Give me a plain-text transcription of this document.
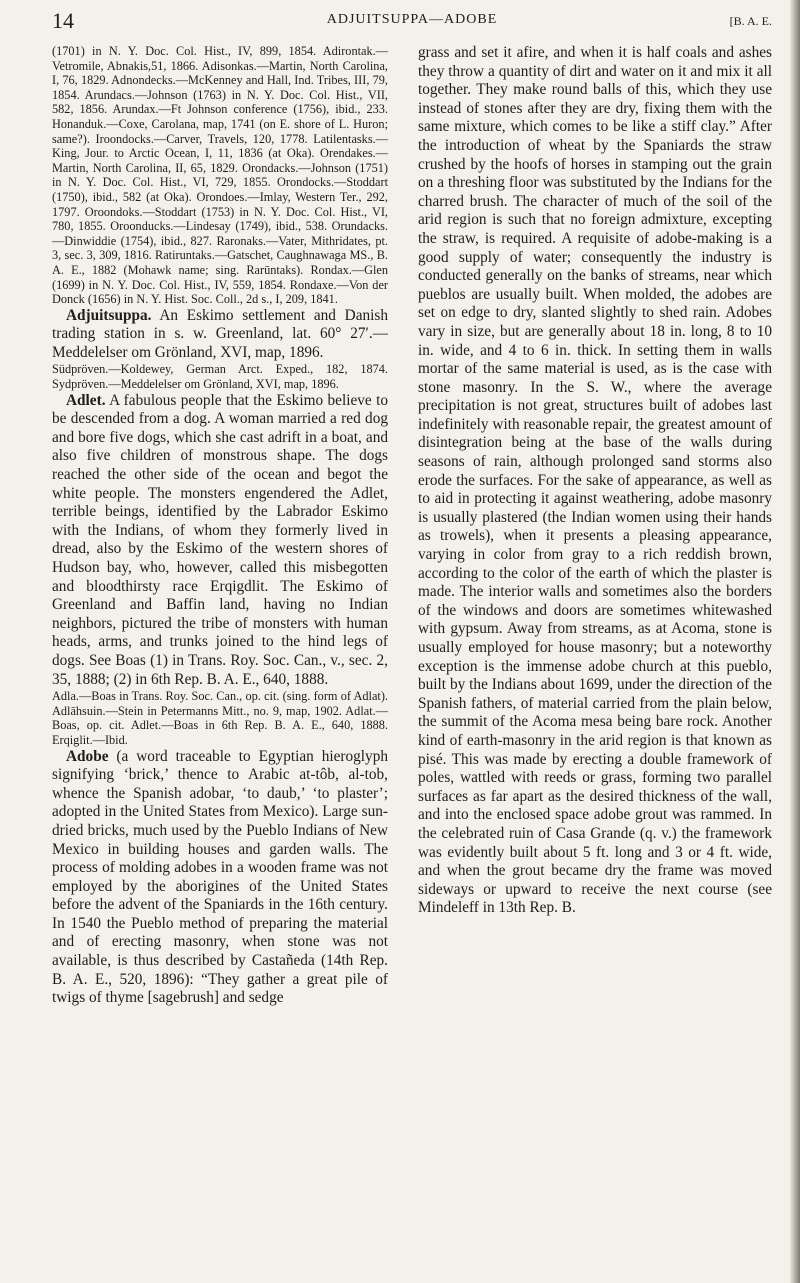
14	ADJUITSUPPA—ADOBE	[B. A. E.

(1701) in N. Y. Doc. Col. Hist., IV, 899, 1854. Adirontak.—Vetromile, Abnakis,51, 1866. Adisonkas.—Martin, North Carolina, I, 76, 1829. Adnondecks.—McKenney and Hall, Ind. Tribes, III, 79, 1854. Arundacs.—Johnson (1763) in N. Y. Doc. Col. Hist., VII, 582, 1856. Arundax.—Ft Johnson conference (1756), ibid., 233. Honanduk.—Coxe, Carolana, map, 1741 (on E. shore of L. Huron; same?). Iroondocks.—Carver, Travels, 120, 1778. Latilentasks.—King, Jour. to Arctic Ocean, I, 11, 1836 (at Oka). Orendakes.—Martin, North Carolina, II, 65, 1829. Orondacks.—Johnson (1751) in N. Y. Doc. Col. Hist., VI, 729, 1855. Orondocks.—Stoddart (1750), ibid., 582 (at Oka). Orondoes.—Imlay, Western Ter., 292, 1797. Oroondoks.—Stoddart (1753) in N. Y. Doc. Col. Hist., VI, 780, 1855. Oroonducks.—Lindesay (1749), ibid., 538. Orundacks.—Dinwiddie (1754), ibid., 827. Raronaks.—Vater, Mithridates, pt. 3, sec. 3, 309, 1816. Ratiruntaks.—Gatschet, Caughnawaga MS., B. A. E., 1882 (Mohawk name; sing. Rarūntaks). Rondax.—Glen (1699) in N. Y. Doc. Col. Hist., IV, 559, 1854. Rondaxe.—Von der Donck (1656) in N. Y. Hist. Soc. Coll., 2d s., I, 209, 1841.

Adjuitsuppa. An Eskimo settlement and Danish trading station in s. w. Greenland, lat. 60° 27′.—Meddelelser om Grönland, XVI, map, 1896.

Südpröven.—Koldewey, German Arct. Exped., 182, 1874. Sydpröven.—Meddelelser om Grönland, XVI, map, 1896.

Adlet. A fabulous people that the Eskimo believe to be descended from a dog. A woman married a red dog and bore five dogs, which she cast adrift in a boat, and also five children of monstrous shape. The dogs reached the other side of the ocean and begot the white people. The monsters engendered the Adlet, terrible beings, identified by the Labrador Eskimo with the Indians, of whom they formerly lived in dread, also by the Eskimo of the western shores of Hudson bay, who, however, called this misbegotten and bloodthirsty race Erqigdlit. The Eskimo of Greenland and Baffin land, having no Indian neighbors, pictured the tribe of monsters with human heads, arms, and trunks joined to the hind legs of dogs. See Boas (1) in Trans. Roy. Soc. Can., v., sec. 2, 35, 1888; (2) in 6th Rep. B. A. E., 640, 1888.

Adla.—Boas in Trans. Roy. Soc. Can., op. cit. (sing. form of Adlat). Adlāhsuin.—Stein in Petermanns Mitt., no. 9, map, 1902. Adlat.—Boas, op. cit. Adlet.—Boas in 6th Rep. B. A. E., 640, 1888. Erqiglit.—Ibid.

Adobe (a word traceable to Egyptian hieroglyph signifying ‘brick,’ thence to Arabic at-tôb, al-tob, whence the Spanish adobar, ‘to daub,’ ‘to plaster’; adopted in the United States from Mexico). Large sun-dried bricks, much used by the Pueblo Indians of New Mexico in building houses and garden walls. The process of molding adobes in a wooden frame was not employed by the aborigines of the United States before the advent of the Spaniards in the 16th century. In 1540 the Pueblo method of preparing the material and of erecting masonry, when stone was not available, is thus described by Castañeda (14th Rep. B. A. E., 520, 1896): “They gather a great pile of twigs of thyme [sagebrush] and sedge

grass and set it afire, and when it is half coals and ashes they throw a quantity of dirt and water on it and mix it all together. They make round balls of this, which they use instead of stones after they are dry, fixing them with the same mixture, which comes to be like a stiff clay.” After the introduction of wheat by the Spaniards the straw crushed by the hoofs of horses in stamping out the grain on a threshing floor was substituted by the Indians for the charred brush. The character of much of the soil of the arid region is such that no foreign admixture, excepting the straw, is required. A requisite of adobe-making is a good supply of water; consequently the industry is conducted generally on the banks of streams, near which pueblos are usually built. When molded, the adobes are set on edge to dry, slanted slightly to shed rain. Adobes vary in size, but are generally about 18 in. long, 8 to 10 in. wide, and 4 to 6 in. thick. In setting them in walls mortar of the same material is used, as is the case with stone masonry. In the S. W., where the average precipitation is not great, structures built of adobes last indefinitely with reasonable repair, the greatest amount of disintegration being at the base of the walls during seasons of rain, although prolonged sand storms also erode the surfaces. For the sake of appearance, as well as to aid in protecting it against weathering, adobe masonry is usually plastered (the Indian women using their hands as trowels), when it presents a pleasing appearance, varying in color from gray to a rich reddish brown, according to the color of the earth of which the plaster is made. The interior walls and sometimes also the borders of the windows and doors are sometimes whitewashed with gypsum. Away from streams, as at Acoma, stone is usually employed for house masonry; but a noteworthy exception is the immense adobe church at this pueblo, built by the Indians about 1699, under the direction of the Spanish fathers, of material carried from the plain below, the summit of the Acoma mesa being bare rock. Another kind of earth-masonry in the arid region is that known as pisé. This was made by erecting a double framework of poles, wattled with reeds or grass, forming two parallel surfaces as far apart as the desired thickness of the wall, and into the enclosed space adobe grout was rammed. In the celebrated ruin of Casa Grande (q. v.) the framework was evidently built about 5 ft. long and 3 or 4 ft. wide, and when the grout became dry the frame was moved sideways or upward to receive the next course (see Mindeleff in 13th Rep. B.
